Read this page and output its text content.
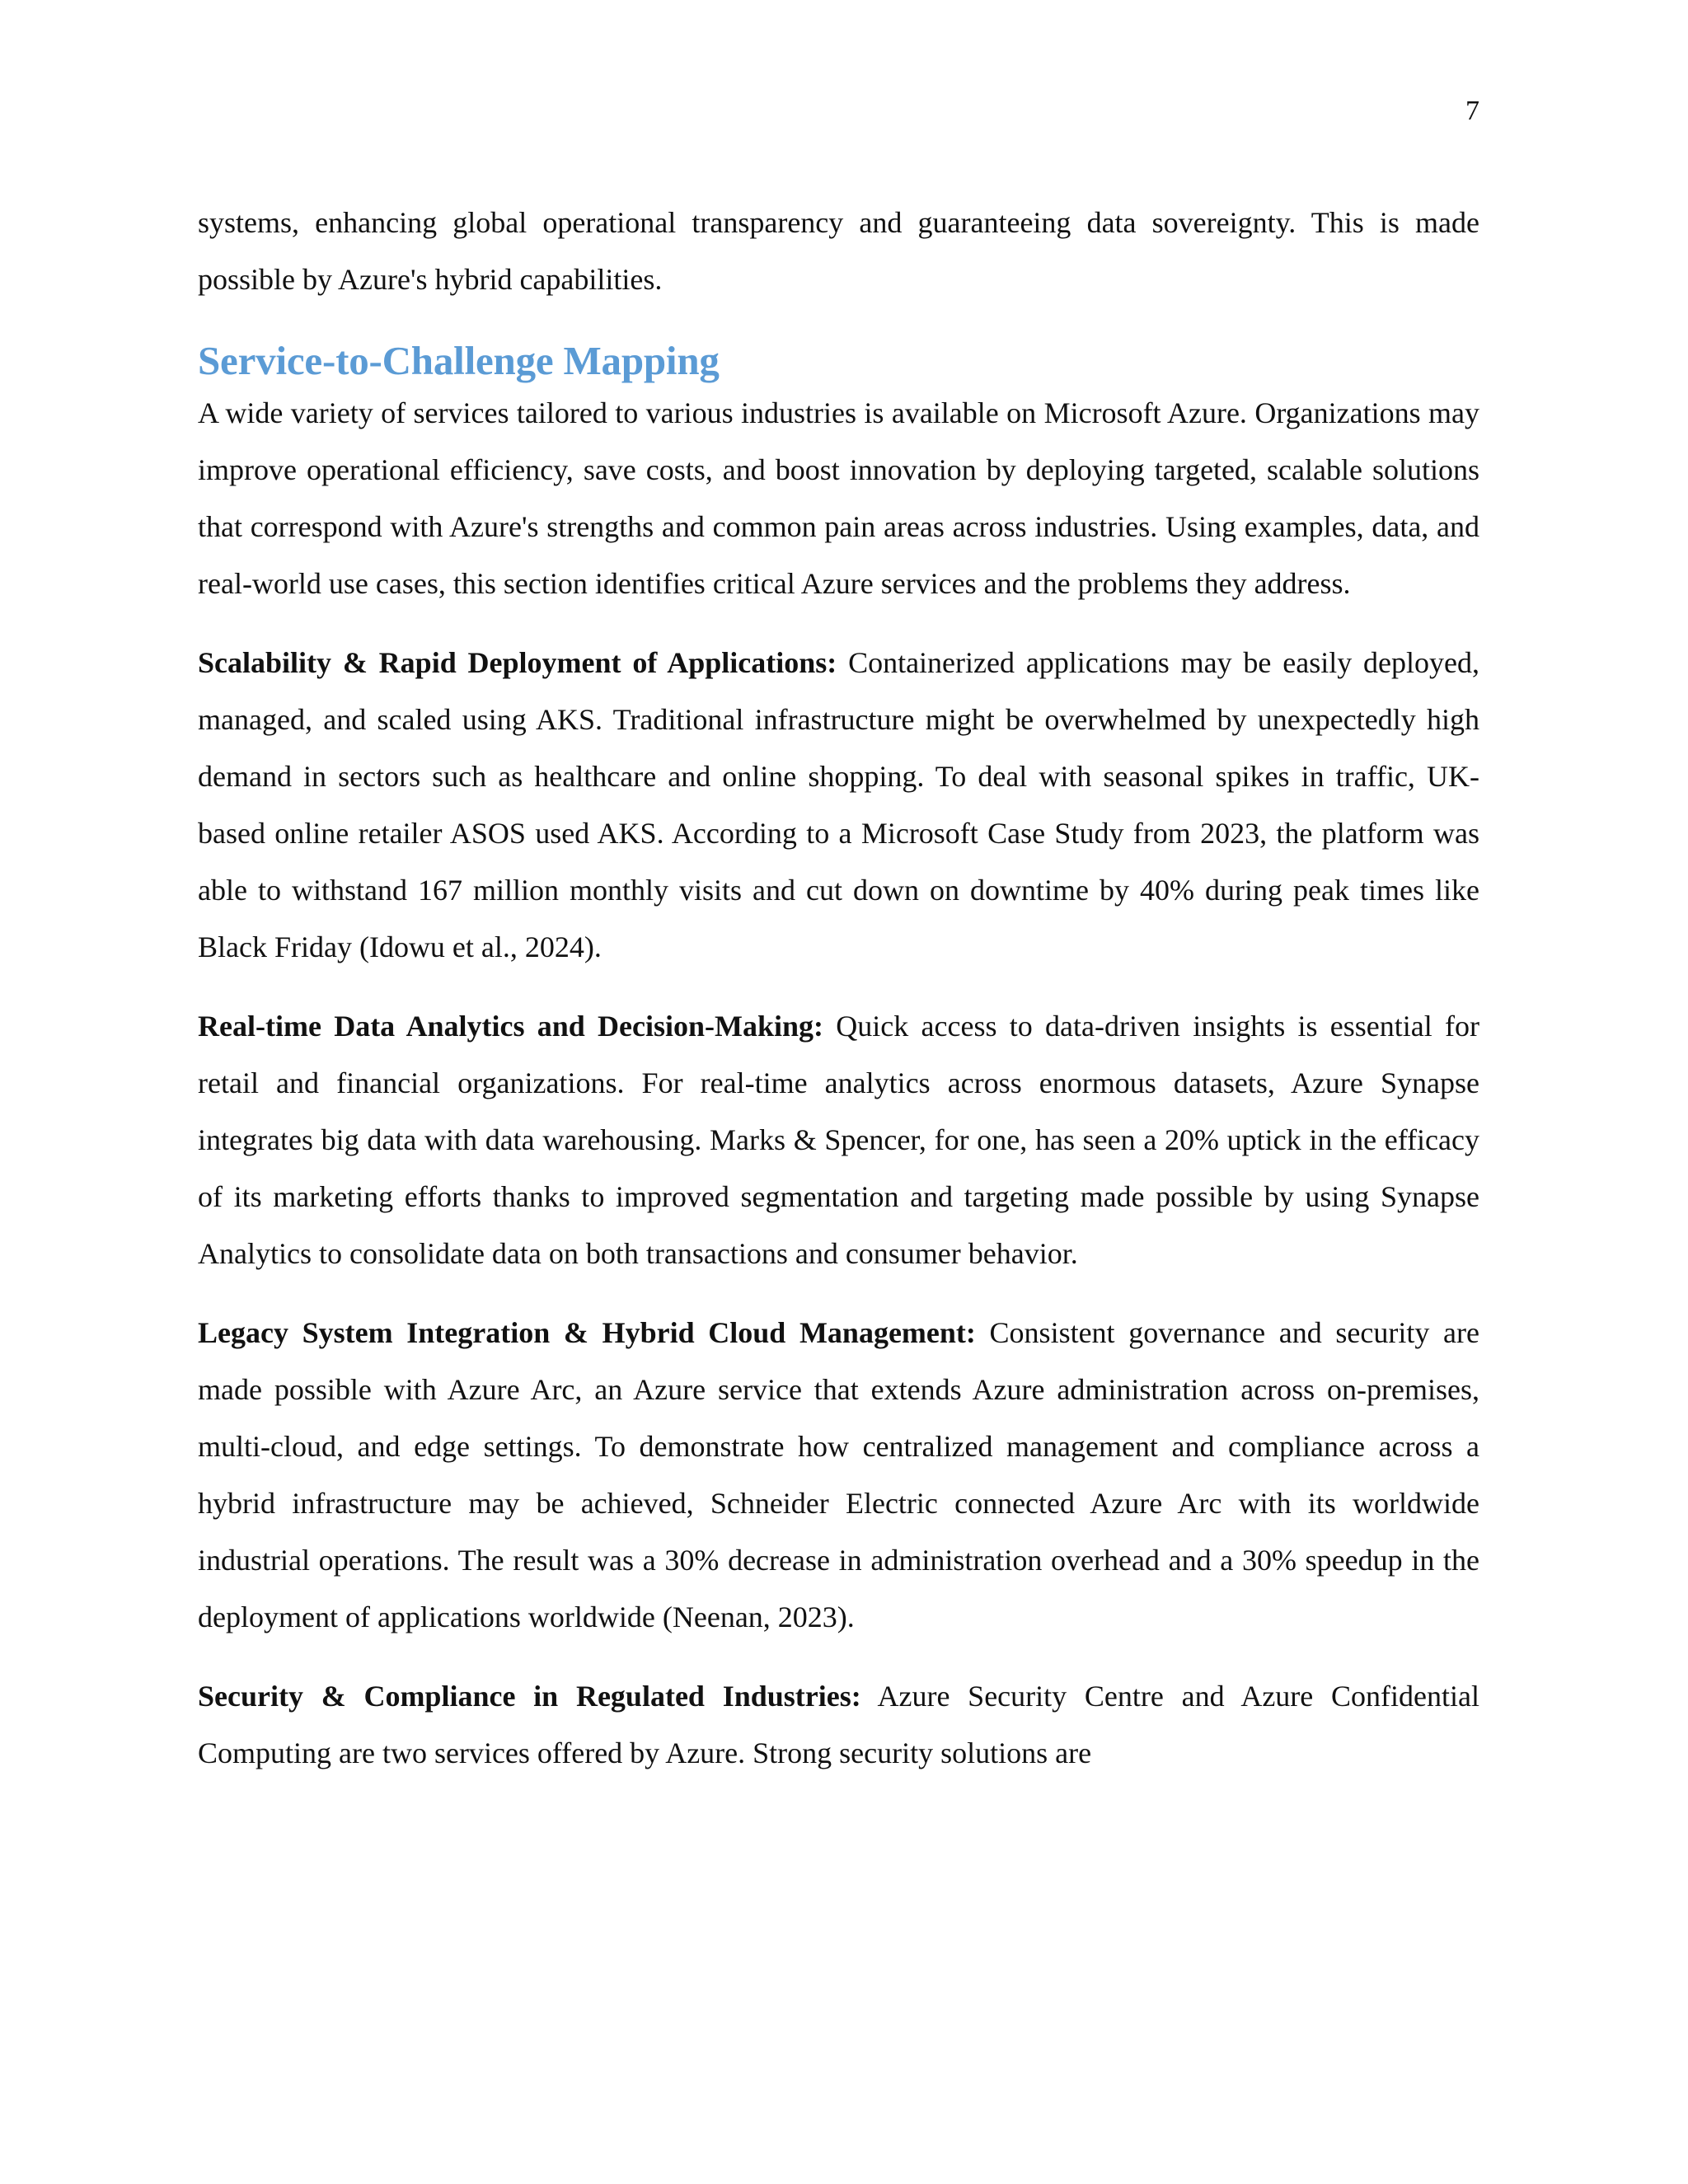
7

systems, enhancing global operational transparency and guaranteeing data sovereignty. This is made possible by Azure's hybrid capabilities.

Service-to-Challenge Mapping

A wide variety of services tailored to various industries is available on Microsoft Azure. Organizations may improve operational efficiency, save costs, and boost innovation by deploying targeted, scalable solutions that correspond with Azure's strengths and common pain areas across industries. Using examples, data, and real-world use cases, this section identifies critical Azure services and the problems they address.

Scalability & Rapid Deployment of Applications: Containerized applications may be easily deployed, managed, and scaled using AKS. Traditional infrastructure might be overwhelmed by unexpectedly high demand in sectors such as healthcare and online shopping. To deal with seasonal spikes in traffic, UK-based online retailer ASOS used AKS. According to a Microsoft Case Study from 2023, the platform was able to withstand 167 million monthly visits and cut down on downtime by 40% during peak times like Black Friday (Idowu et al., 2024).

Real-time Data Analytics and Decision-Making: Quick access to data-driven insights is essential for retail and financial organizations. For real-time analytics across enormous datasets, Azure Synapse integrates big data with data warehousing. Marks & Spencer, for one, has seen a 20% uptick in the efficacy of its marketing efforts thanks to improved segmentation and targeting made possible by using Synapse Analytics to consolidate data on both transactions and consumer behavior.

Legacy System Integration & Hybrid Cloud Management: Consistent governance and security are made possible with Azure Arc, an Azure service that extends Azure administration across on-premises, multi-cloud, and edge settings. To demonstrate how centralized management and compliance across a hybrid infrastructure may be achieved, Schneider Electric connected Azure Arc with its worldwide industrial operations. The result was a 30% decrease in administration overhead and a 30% speedup in the deployment of applications worldwide (Neenan, 2023).

Security & Compliance in Regulated Industries: Azure Security Centre and Azure Confidential Computing are two services offered by Azure. Strong security solutions are
